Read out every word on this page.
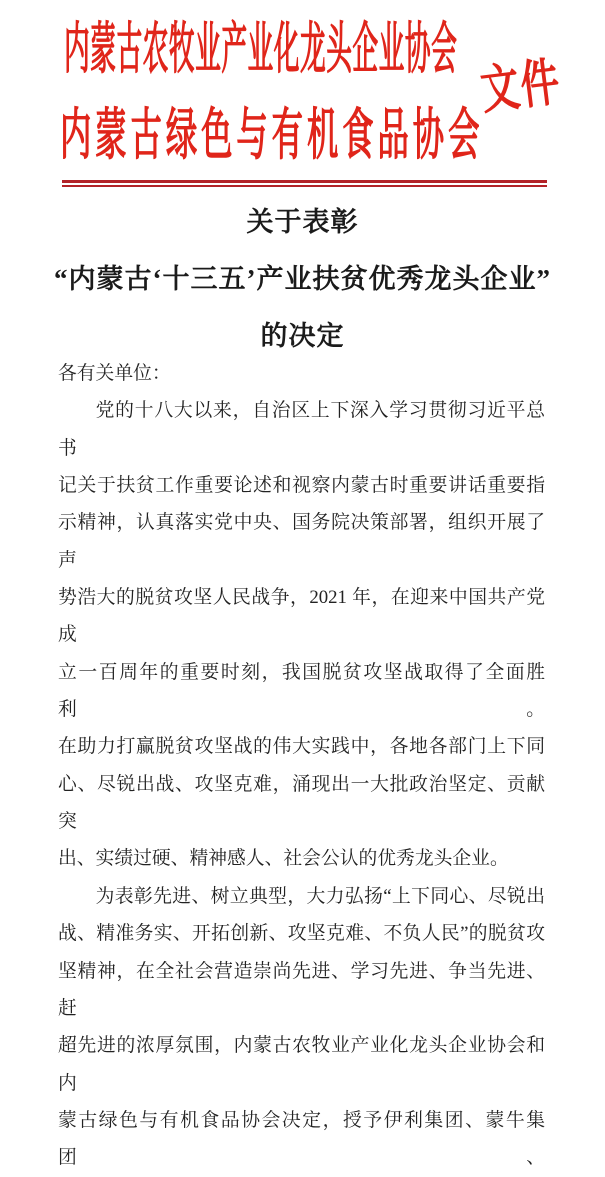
内蒙古农牧业产业化龙头企业协会
文件
内蒙古绿色与有机食品协会
关于表彰
“内蒙古‘十三五’产业扶贫优秀龙头企业”
的决定
各有关单位：
党的十八大以来，自治区上下深入学习贯彻习近平总书
记关于扶贫工作重要论述和视察内蒙古时重要讲话重要指
示精神，认真落实党中央、国务院决策部署，组织开展了声
势浩大的脱贫攻坚人民战争，2021 年，在迎来中国共产党成
立一百周年的重要时刻，我国脱贫攻坚战取得了全面胜利。
在助力打赢脱贫攻坚战的伟大实践中，各地各部门上下同
心、尽锐出战、攻坚克难，涌现出一大批政治坚定、贡献突
出、实绩过硬、精神感人、社会公认的优秀龙头企业。
为表彰先进、树立典型，大力弘扬“上下同心、尽锐出
战、精准务实、开拓创新、攻坚克难、不负人民”的脱贫攻
坚精神，在全社会营造崇尚先进、学习先进、争当先进、赶
超先进的浓厚氛围，内蒙古农牧业产业化龙头企业协会和内
蒙古绿色与有机食品协会决定，授予伊利集团、蒙牛集团、
